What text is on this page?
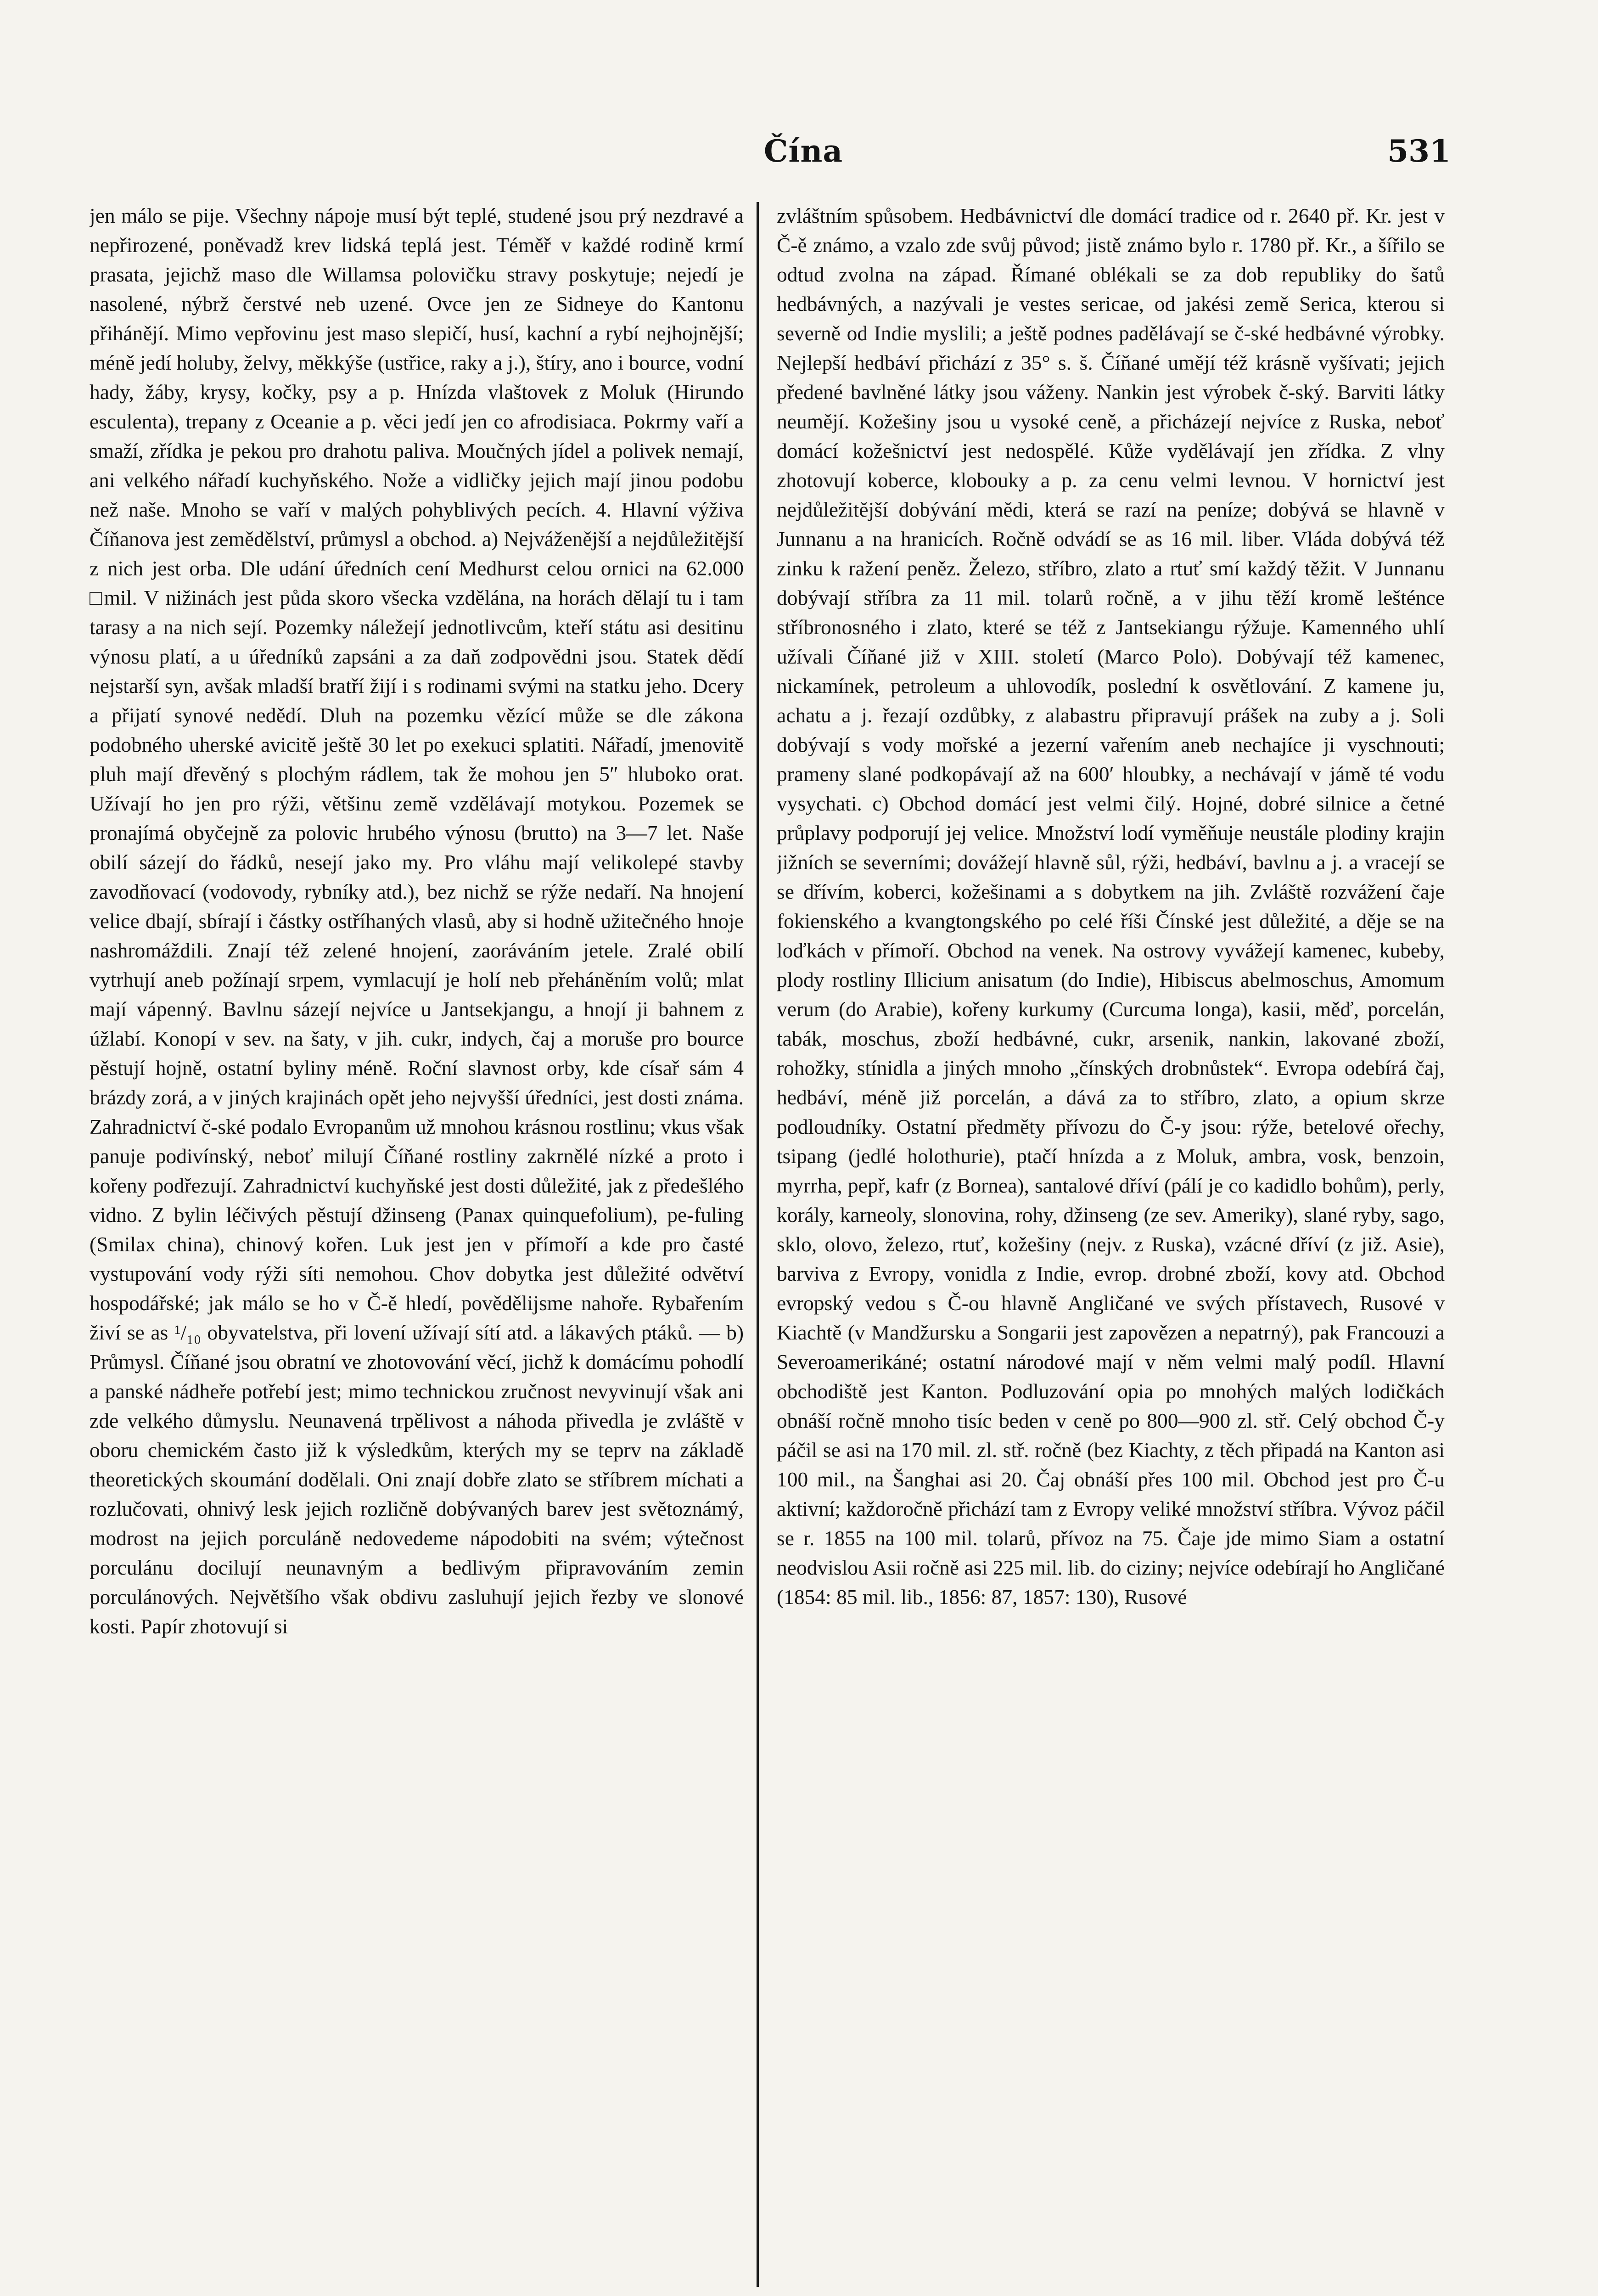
Čína	531

jen málo se pije. Všechny nápoje musí být teplé, studené jsou prý nezdravé a nepřirozené, poněvadž krev lidská teplá jest. Téměř v každé rodině krmí prasata, jejichž maso dle Willamsa polovičku stravy poskytuje; nejedí je nasolené, nýbrž čerstvé neb uzené. Ovce jen ze Sidneye do Kantonu přihánějí. Mimo vepřovinu jest maso slepičí, husí, kachní a rybí nejhojnější; méně jedí holuby, želvy, měkkýše (ustřice, raky a j.), štíry, ano i bource, vodní hady, žáby, krysy, kočky, psy a p. Hnízda vlaštovek z Moluk (Hirundo esculenta), trepany z Oceanie a p. věci jedí jen co afrodisiaca. Pokrmy vaří a smaží, zřídka je pekou pro drahotu paliva. Moučných jídel a polivek nemají, ani velkého nářadí kuchyňského. Nože a vidličky jejich mají jinou podobu než naše. Mnoho se vaří v malých pohyblivých pecích. 4. Hlavní výživa Číňanova jest zemědělství, průmysl a obchod. a) Nejváženější a nejdůležitější z nich jest orba. Dle udání úředních cení Medhurst celou ornici na 62.000 □mil. V nižinách jest půda skoro všecka vzdělána, na horách dělají tu i tam tarasy a na nich sejí. Pozemky náležejí jednotlivcům, kteří státu asi desitinu výnosu platí, a u úředníků zapsáni a za daň zodpovědni jsou. Statek dědí nejstarší syn, avšak mladší bratří žijí i s rodinami svými na statku jeho. Dcery a přijatí synové nedědí. Dluh na pozemku vězící může se dle zákona podobného uherské avicitě ještě 30 let po exekuci splatiti. Nářadí, jmenovitě pluh mají dřevěný s plochým rádlem, tak že mohou jen 5″ hluboko orat. Užívají ho jen pro rýži, většinu země vzdělávají motykou. Pozemek se pronajímá obyčejně za polovic hrubého výnosu (brutto) na 3—7 let. Naše obilí sázejí do řádků, nesejí jako my. Pro vláhu mají velikolepé stavby zavodňovací (vodovody, rybníky atd.), bez nichž se rýže nedaří. Na hnojení velice dbají, sbírají i částky ostříhaných vlasů, aby si hodně užitečného hnoje nashromáždili. Znají též zelené hnojení, zaoráváním jetele. Zralé obilí vytrhují aneb požínají srpem, vymlacují je holí neb přeháněním volů; mlat mají vápenný. Bavlnu sázejí nejvíce u Jantsekjangu, a hnojí ji bahnem z úžlabí. Konopí v sev. na šaty, v jih. cukr, indych, čaj a moruše pro bource pěstují hojně, ostatní byliny méně. Roční slavnost orby, kde císař sám 4 brázdy zorá, a v jiných krajinách opět jeho nejvyšší úředníci, jest dosti známa. Zahradnictví č-ské podalo Evropanům už mnohou krásnou rostlinu; vkus však panuje podivínský, neboť milují Číňané rostliny zakrnělé nízké a proto i kořeny podřezují. Zahradnictví kuchyňské jest dosti důležité, jak z předešlého vidno. Z bylin léčivých pěstují džinseng (Panax quinquefolium), pe-fuling (Smilax china), chinový kořen. Luk jest jen v přímoří a kde pro časté vystupování vody rýži síti nemohou. Chov dobytka jest důležité odvětví hospodářské; jak málo se ho v Č-ě hledí, povědělijsme nahoře. Rybařením živí se as ¹/₁₀ obyvatelstva, při lovení užívají sítí atd. a lákavých ptáků. — b) Průmysl. Číňané jsou obratní ve zhotovování věcí, jichž k domácímu pohodlí a panské nádheře potřebí jest; mimo technickou zručnost nevyvinují však ani zde velkého důmyslu. Neunavená trpělivost a náhoda přivedla je zvláště v oboru chemickém často již k výsledkům, kterých my se teprv na základě theoretických skoumání dodělali. Oni znají dobře zlato se stříbrem míchati a rozlučovati, ohnivý lesk jejich rozličně dobývaných barev jest světoznámý, modrost na jejich porculáně nedovedeme nápodobiti na svém; výtečnost porculánu docilují neunavným a bedlivým připravováním zemin porculánových. Největšího však obdivu zasluhují jejich řezby ve slonové kosti. Papír zhotovují si

zvláštním spůsobem. Hedbávnictví dle domácí tradice od r. 2640 př. Kr. jest v Č-ě známo, a vzalo zde svůj původ; jistě známo bylo r. 1780 př. Kr., a šířilo se odtud zvolna na západ. Římané oblékali se za dob republiky do šatů hedbávných, a nazývali je vestes sericae, od jakési země Serica, kterou si severně od Indie myslili; a ještě podnes padělávají se č-ské hedbávné výrobky. Nejlepší hedbáví přichází z 35° s. š. Číňané umějí též krásně vyšívati; jejich předené bavlněné látky jsou váženy. Nankin jest výrobek č-ský. Barviti látky neumějí. Kožešiny jsou u vysoké ceně, a přicházejí nejvíce z Ruska, neboť domácí kožešnictví jest nedospělé. Kůže vydělávají jen zřídka. Z vlny zhotovují koberce, klobouky a p. za cenu velmi levnou. V hornictví jest nejdůležitější dobývání mědi, která se razí na peníze; dobývá se hlavně v Junnanu a na hranicích. Ročně odvádí se as 16 mil. liber. Vláda dobývá též zinku k ražení peněz. Železo, stříbro, zlato a rtuť smí každý těžit. V Junnanu dobývají stříbra za 11 mil. tolarů ročně, a v jihu těží kromě lešténce stříbronosného i zlato, které se též z Jantsekiangu rýžuje. Kamenného uhlí užívali Číňané již v XIII. století (Marco Polo). Dobývají též kamenec, nickamínek, petroleum a uhlovodík, poslední k osvětlování. Z kamene ju, achatu a j. řezají ozdůbky, z alabastru připravují prášek na zuby a j. Soli dobývají s vody mořské a jezerní vařením aneb nechajíce ji vyschnouti; prameny slané podkopávají až na 600′ hloubky, a nechávají v jámě té vodu vysychati. c) Obchod domácí jest velmi čilý. Hojné, dobré silnice a četné průplavy podporují jej velice. Množství lodí vyměňuje neustále plodiny krajin jižních se severními; dovážejí hlavně sůl, rýži, hedbáví, bavlnu a j. a vracejí se se dřívím, koberci, kožešinami a s dobytkem na jih. Zvláště rozvážení čaje fokienského a kvangtongského po celé říši Čínské jest důležité, a děje se na loďkách v přímoří. Obchod na venek. Na ostrovy vyvážejí kamenec, kubeby, plody rostliny Illicium anisatum (do Indie), Hibiscus abelmoschus, Amomum verum (do Arabie), kořeny kurkumy (Curcuma longa), kasii, měď, porcelán, tabák, moschus, zboží hedbávné, cukr, arsenik, nankin, lakované zboží, rohožky, stínidla a jiných mnoho „čínských drobnůstek“. Evropa odebírá čaj, hedbáví, méně již porcelán, a dává za to stříbro, zlato, a opium skrze podloudníky. Ostatní předměty přívozu do Č-y jsou: rýže, betelové ořechy, tsipang (jedlé holothurie), ptačí hnízda a z Moluk, ambra, vosk, benzoin, myrrha, pepř, kafr (z Bornea), santalové dříví (pálí je co kadidlo bohům), perly, korály, karneoly, slonovina, rohy, džinseng (ze sev. Ameriky), slané ryby, sago, sklo, olovo, železo, rtuť, kožešiny (nejv. z Ruska), vzácné dříví (z již. Asie), barviva z Evropy, vonidla z Indie, evrop. drobné zboží, kovy atd. Obchod evropský vedou s Č-ou hlavně Angličané ve svých přístavech, Rusové v Kiachtě (v Mandžursku a Songarii jest zapovězen a nepatrný), pak Francouzi a Severoamerikáné; ostatní národové mají v něm velmi malý podíl. Hlavní obchodiště jest Kanton. Podluzování opia po mnohých malých lodičkách obnáší ročně mnoho tisíc beden v ceně po 800—900 zl. stř. Celý obchod Č-y páčil se asi na 170 mil. zl. stř. ročně (bez Kiachty, z těch připadá na Kanton asi 100 mil., na Šanghai asi 20. Čaj obnáší přes 100 mil. Obchod jest pro Č-u aktivní; každoročně přichází tam z Evropy veliké množství stříbra. Vývoz páčil se r. 1855 na 100 mil. tolarů, přívoz na 75. Čaje jde mimo Siam a ostatní neodvislou Asii ročně asi 225 mil. lib. do ciziny; nejvíce odebírají ho Angličané (1854: 85 mil. lib., 1856: 87, 1857: 130), Rusové
